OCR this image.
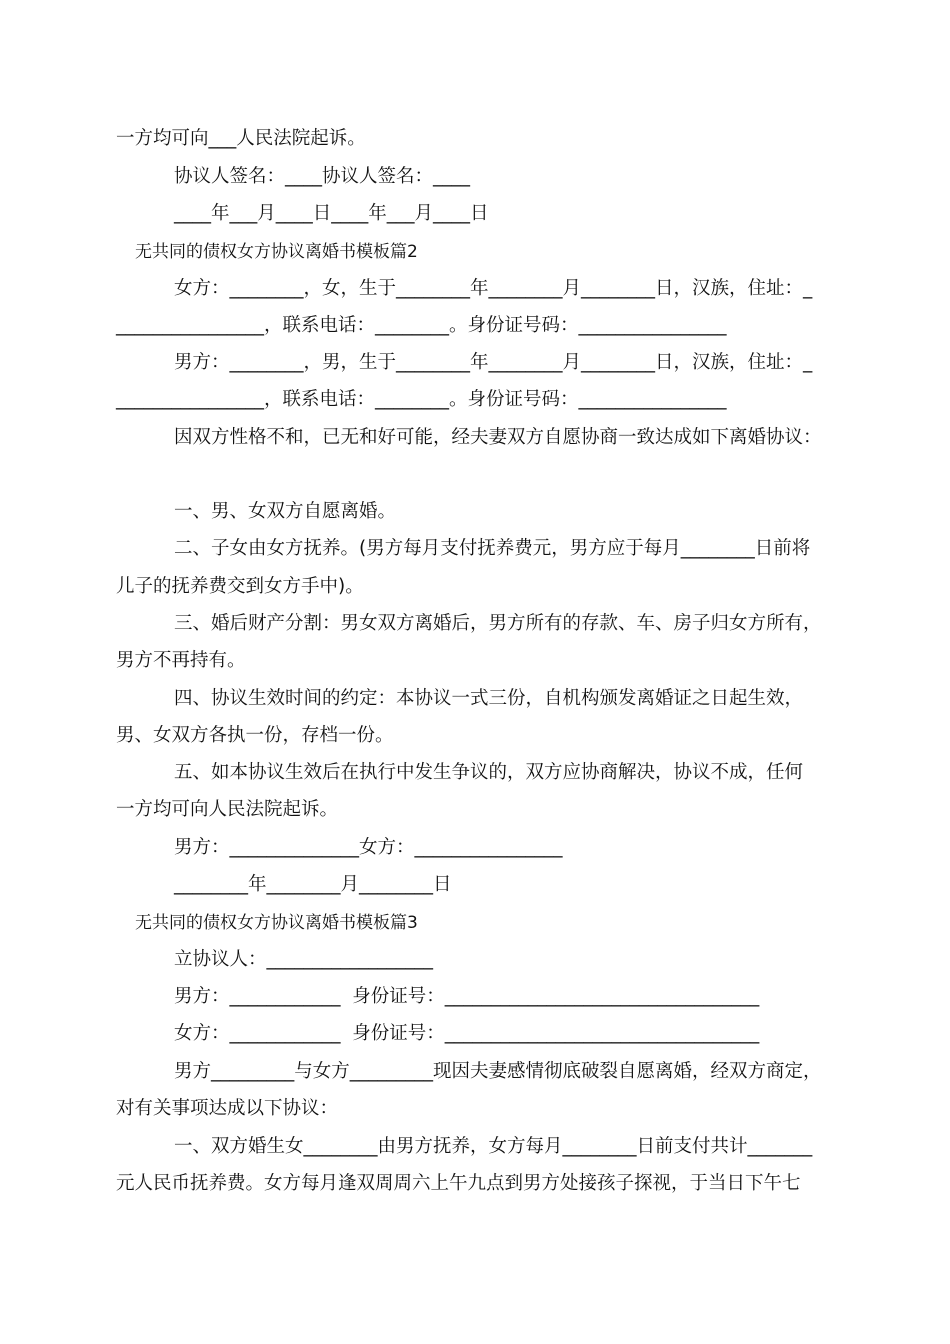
一方均可向___人民法院起诉。
协议人签名：____协议人签名：____
____年___月____日____年___月____日
无共同的债权女方协议离婚书模板篇2
女方：________，女，生于________年________月________日，汉族，住址：_
________________，联系电话：________。身份证号码：________________
男方：________，男，生于________年________月________日，汉族，住址：_
________________，联系电话：________。身份证号码：________________
因双方性格不和，已无和好可能，经夫妻双方自愿协商一致达成如下离婚协议：
一、男、女双方自愿离婚。
二、子女由女方抚养。(男方每月支付抚养费元，男方应于每月________日前将
儿子的抚养费交到女方手中)。
三、婚后财产分割：男女双方离婚后，男方所有的存款、车、房子归女方所有，
男方不再持有。
四、协议生效时间的约定：本协议一式三份，自机构颁发离婚证之日起生效，
男、女双方各执一份，存档一份。
五、如本协议生效后在执行中发生争议的，双方应协商解决，协议不成，任何
一方均可向人民法院起诉。
男方：______________女方：________________
________年________月________日
无共同的债权女方协议离婚书模板篇3
立协议人：__________________
男方：____________  身份证号：__________________________________
女方：____________  身份证号：__________________________________
男方_________与女方_________现因夫妻感情彻底破裂自愿离婚，经双方商定，
对有关事项达成以下协议：
一、双方婚生女________由男方抚养，女方每月________日前支付共计_______
元人民币抚养费。女方每月逢双周周六上午九点到男方处接孩子探视，于当日下午七
